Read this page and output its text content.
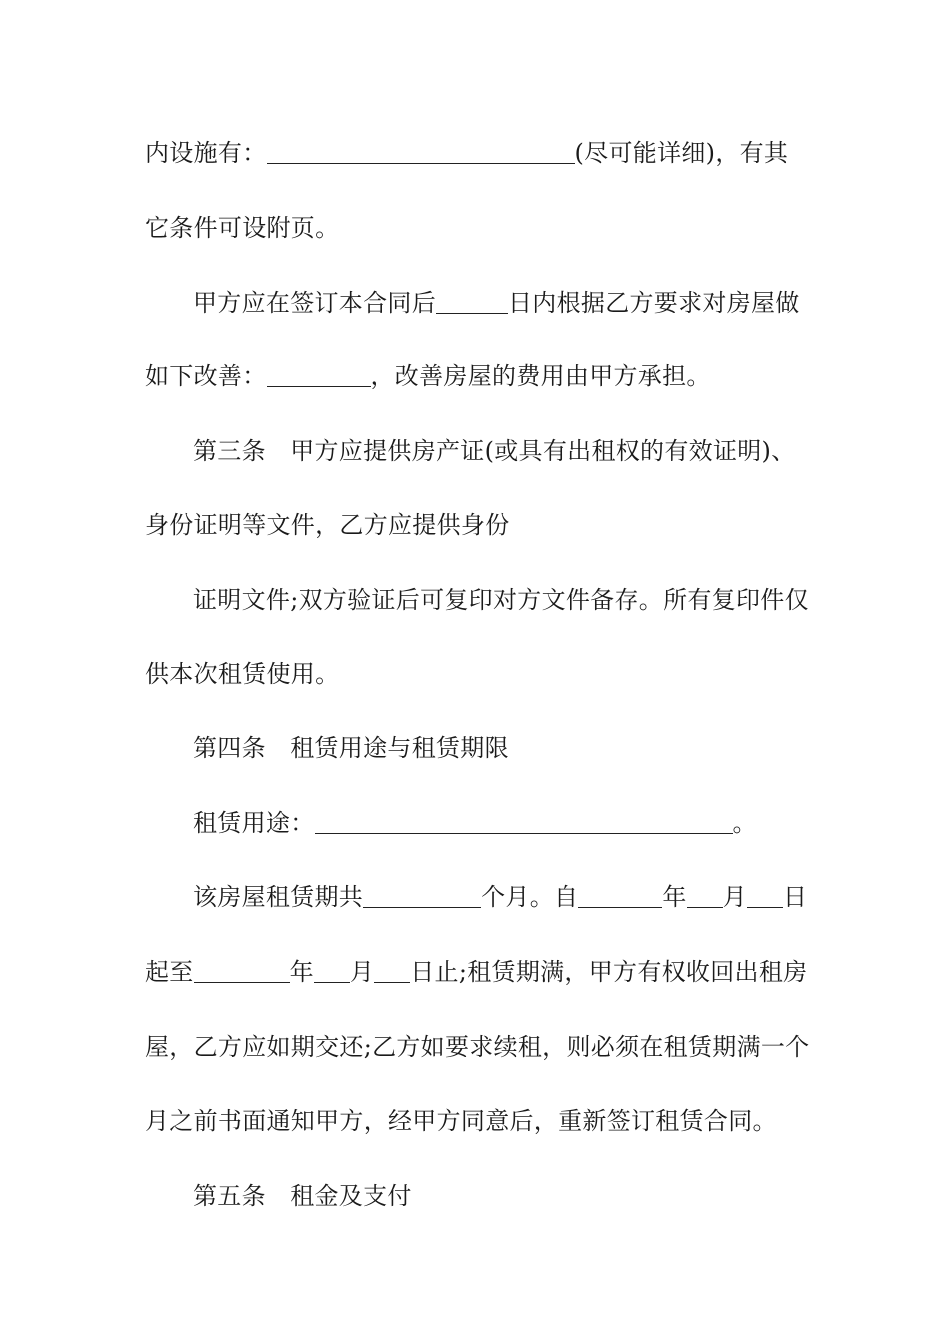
内设施有：	(尽可能详细)，有其
它条件可设附页。
甲方应在签订本合同后	日内根据乙方要求对房屋做
如下改善：	，改善房屋的费用由甲方承担。
第三条　甲方应提供房产证(或具有出租权的有效证明)、
身份证明等文件，乙方应提供身份
证明文件;双方验证后可复印对方文件备存。所有复印件仅
供本次租赁使用。
第四条　租赁用途与租赁期限
租赁用途：	。
该房屋租赁期共	个月。自	年 月 日
起至	年 月 日止;租赁期满，甲方有权收回出租房
屋，乙方应如期交还;乙方如要求续租，则必须在租赁期满一个
月之前书面通知甲方，经甲方同意后，重新签订租赁合同。
第五条　租金及支付
